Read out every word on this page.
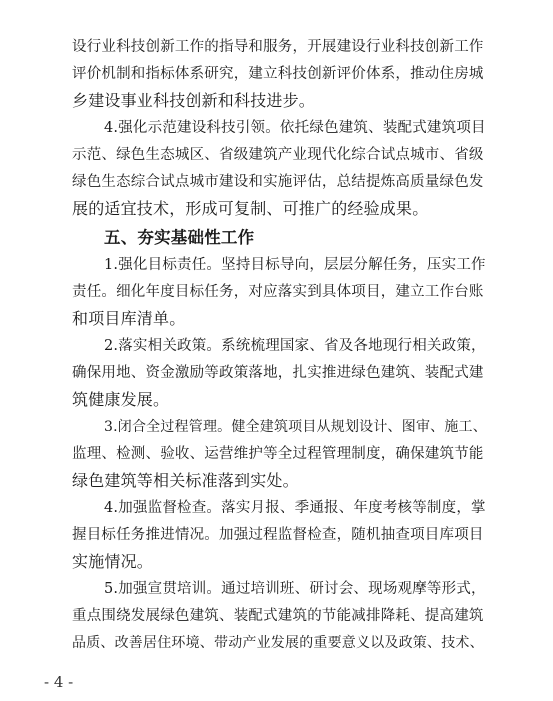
设行业科技创新工作的指导和服务，开展建设行业科技创新工作
评价机制和指标体系研究，建立科技创新评价体系，推动住房城
乡建设事业科技创新和科技进步。
4.强化示范建设科技引领。依托绿色建筑、装配式建筑项目
示范、绿色生态城区、省级建筑产业现代化综合试点城市、省级
绿色生态综合试点城市建设和实施评估，总结提炼高质量绿色发
展的适宜技术，形成可复制、可推广的经验成果。
五、夯实基础性工作
1.强化目标责任。坚持目标导向，层层分解任务，压实工作
责任。细化年度目标任务，对应落实到具体项目，建立工作台账
和项目库清单。
2.落实相关政策。系统梳理国家、省及各地现行相关政策，
确保用地、资金激励等政策落地，扎实推进绿色建筑、装配式建
筑健康发展。
3.闭合全过程管理。健全建筑项目从规划设计、图审、施工、
监理、检测、验收、运营维护等全过程管理制度，确保建筑节能
绿色建筑等相关标准落到实处。
4.加强监督检查。落实月报、季通报、年度考核等制度，掌
握目标任务推进情况。加强过程监督检查，随机抽查项目库项目
实施情况。
5.加强宣贯培训。通过培训班、研讨会、现场观摩等形式，
重点围绕发展绿色建筑、装配式建筑的节能减排降耗、提高建筑
品质、改善居住环境、带动产业发展的重要意义以及政策、技术、
- 4 -
